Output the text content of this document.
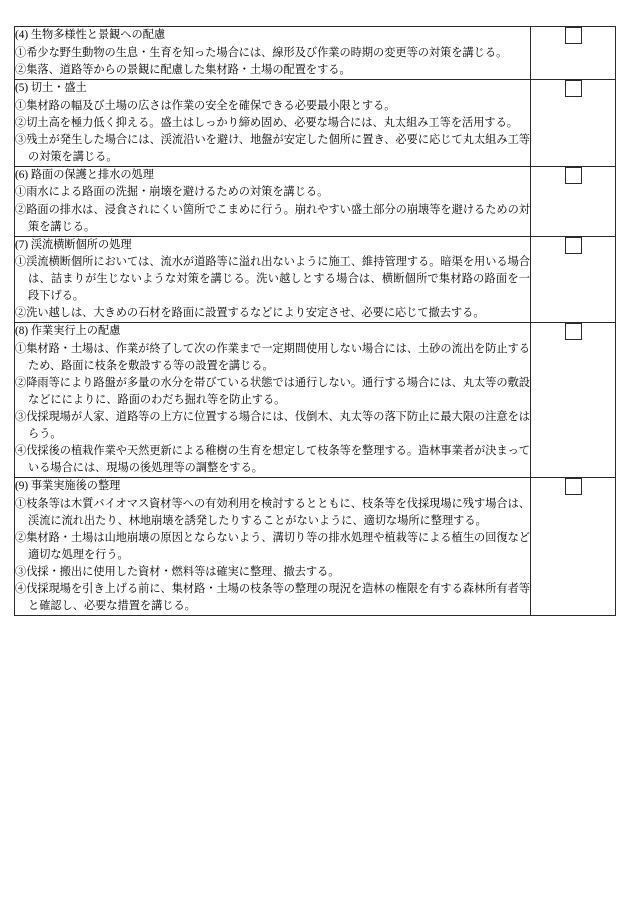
(4) 生物多様性と景観への配慮

①希少な野生動物の生息・生育を知った場合には、線形及び作業の時期の変更等の対策を講じる。

②集落、道路等からの景観に配慮した集材路・土場の配置をする。	

(5) 切土・盛土

①集材路の幅及び土場の広さは作業の安全を確保できる必要最小限とする。

②切土高を極力低く抑える。盛土はしっかり締め固め、必要な場合には、丸太組み工等を活用する。

③残土が発生した場合には、渓流沿いを避け、地盤が安定した個所に置き、必要に応じて丸太組み工等の対策を講じる。	

(6) 路面の保護と排水の処理

①雨水による路面の洗掘・崩壊を避けるための対策を講じる。

②路面の排水は、浸食されにくい箇所でこまめに行う。崩れやすい盛土部分の崩壊等を避けるための対策を講じる。	

(7) 渓流横断個所の処理

①渓流横断個所においては、流水が道路等に溢れ出ないように施工、維持管理する。暗渠を用いる場合は、詰まりが生じないような対策を講じる。洗い越しとする場合は、横断個所で集材路の路面を一段下げる。

②洗い越しは、大きめの石材を路面に設置するなどにより安定させ、必要に応じて撤去する。	

(8) 作業実行上の配慮

①集材路・土場は、作業が終了して次の作業まで一定期間使用しない場合には、土砂の流出を防止するため、路面に枝条を敷設する等の設置を講じる。

②降雨等により路盤が多量の水分を帯びている状態では通行しない。通行する場合には、丸太等の敷設などにによりに、路面のわだち掘れ等を防止する。

③伐採現場が人家、道路等の上方に位置する場合には、伐倒木、丸太等の落下防止に最大限の注意をはらう。

④伐採後の植栽作業や天然更新による稚樹の生育を想定して枝条等を整理する。造林事業者が決まっている場合には、現場の後処理等の調整をする。	

(9) 事業実施後の整理

①枝条等は木質バイオマス資材等への有効利用を検討するとともに、枝条等を伐採現場に残す場合は、渓流に流れ出たり、林地崩壊を誘発したりすることがないように、適切な場所に整理する。

②集材路・土場は山地崩壊の原因とならないよう、溝切り等の排水処理や植栽等による植生の回復など適切な処理を行う。

③伐採・搬出に使用した資材・燃料等は確実に整理、撤去する。

④伐採現場を引き上げる前に、集材路・土場の枝条等の整理の現況を造林の権限を有する森林所有者等と確認し、必要な措置を講じる。	
